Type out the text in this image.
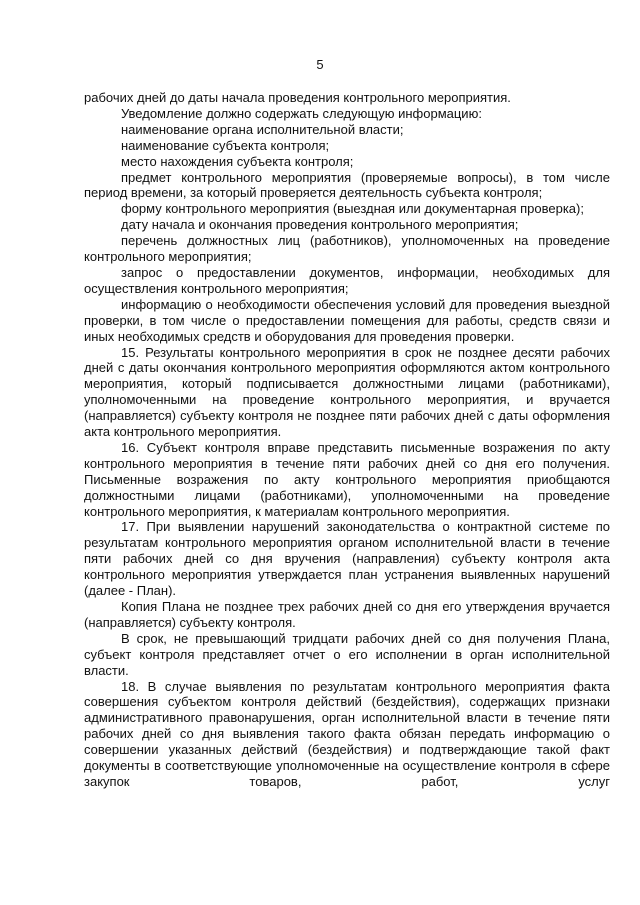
5

рабочих дней до даты начала проведения контрольного мероприятия.

Уведомление должно содержать следующую информацию:

наименование органа исполнительной власти;

наименование субъекта контроля;

место нахождения субъекта контроля;

предмет контрольного мероприятия (проверяемые вопросы), в том числе период времени, за который проверяется деятельность субъекта контроля;

форму контрольного мероприятия (выездная или документарная проверка);

дату начала и окончания проведения контрольного мероприятия;

перечень должностных лиц (работников), уполномоченных на проведение контрольного мероприятия;

запрос о предоставлении документов, информации, необходимых для осуществления контрольного мероприятия;

информацию о необходимости обеспечения условий для проведения выездной проверки, в том числе о предоставлении помещения для работы, средств связи и иных необходимых средств и оборудования для проведения проверки.

15. Результаты контрольного мероприятия в срок не позднее десяти рабочих дней с даты окончания контрольного мероприятия оформляются актом контрольного мероприятия, который подписывается должностными лицами (работниками), уполномоченными на проведение контрольного мероприятия, и вручается (направляется) субъекту контроля не позднее пяти рабочих дней с даты оформления акта контрольного мероприятия.

16. Субъект контроля вправе представить письменные возражения по акту контрольного мероприятия в течение пяти рабочих дней со дня его получения. Письменные возражения по акту контрольного мероприятия приобщаются должностными лицами (работниками), уполномоченными на проведение контрольного мероприятия, к материалам контрольного мероприятия.

17. При выявлении нарушений законодательства о контрактной системе по результатам контрольного мероприятия органом исполнительной власти в течение пяти рабочих дней со дня вручения (направления) субъекту контроля акта контрольного мероприятия утверждается план устранения выявленных нарушений (далее - План).

Копия Плана не позднее трех рабочих дней со дня его утверждения вручается (направляется) субъекту контроля.

В срок, не превышающий тридцати рабочих дней со дня получения Плана, субъект контроля представляет отчет о его исполнении в орган исполнительной власти.

18. В случае выявления по результатам контрольного мероприятия факта совершения субъектом контроля действий (бездействия), содержащих признаки административного правонарушения, орган исполнительной власти в течение пяти рабочих дней со дня выявления такого факта обязан передать информацию о совершении указанных действий (бездействия) и подтверждающие такой факт документы в соответствующие уполномоченные на осуществление контроля в сфере закупок товаров, работ, услуг
